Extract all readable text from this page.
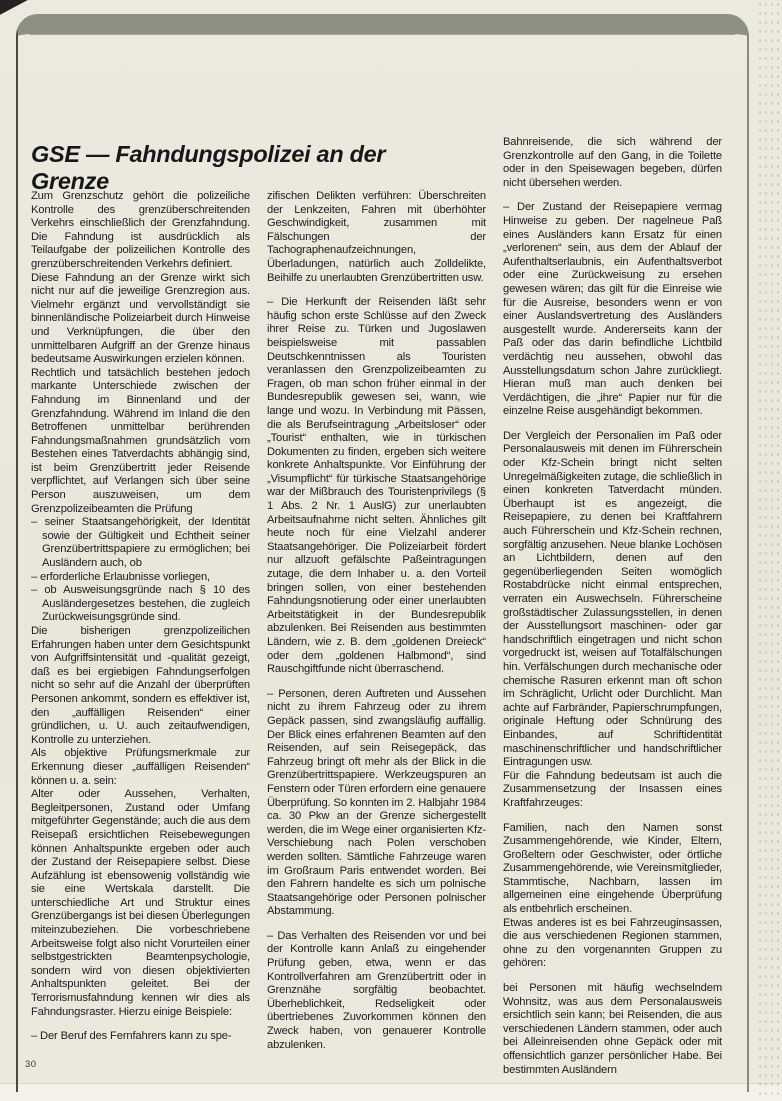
GSE — Fahndungspolizei an der Grenze

Zum Grenzschutz gehört die polizeiliche Kontrolle des grenzüberschreitenden Verkehrs einschließlich der Grenzfahndung. Die Fahndung ist ausdrücklich als Teilaufgabe der polizeilichen Kontrolle des grenzüberschreitenden Verkehrs definiert.

Diese Fahndung an der Grenze wirkt sich nicht nur auf die jeweilige Grenzregion aus. Vielmehr ergänzt und vervollständigt sie binnenländische Polizeiarbeit durch Hinweise und Verknüpfungen, die über den unmittelbaren Aufgriff an der Grenze hinaus bedeutsame Auswirkungen erzielen können.

Rechtlich und tatsächlich bestehen jedoch markante Unterschiede zwischen der Fahndung im Binnenland und der Grenzfahndung. Während im Inland die den Betroffenen unmittelbar berührenden Fahndungsmaßnahmen grundsätzlich vom Bestehen eines Tatverdachts abhängig sind, ist beim Grenzübertritt jeder Reisende verpflichtet, auf Verlangen sich über seine Person auszuweisen, um dem Grenzpolizeibeamten die Prüfung

– seiner Staatsangehörigkeit, der Identität sowie der Gültigkeit und Echtheit seiner Grenzübertrittspapiere zu ermöglichen; bei Ausländern auch, ob

– erforderliche Erlaubnisse vorliegen,

– ob Ausweisungsgründe nach § 10 des Ausländergesetzes bestehen, die zugleich Zurückweisungsgründe sind.

Die bisherigen grenzpolizeilichen Erfahrungen haben unter dem Gesichtspunkt von Aufgriffsintensität und -qualität gezeigt, daß es bei ergiebigen Fahndungserfolgen nicht so sehr auf die Anzahl der überprüften Personen ankommt, sondern es effektiver ist, den „auffälligen Reisenden“ einer gründlichen, u. U. auch zeitaufwendigen, Kontrolle zu unterziehen.

Als objektive Prüfungsmerkmale zur Erkennung dieser „auffälligen Reisenden“ können u. a. sein:

Alter oder Aussehen, Verhalten, Begleitpersonen, Zustand oder Umfang mitgeführter Gegenstände; auch die aus dem Reisepaß ersichtlichen Reisebewegungen können Anhaltspunkte ergeben oder auch der Zustand der Reisepapiere selbst. Diese Aufzählung ist ebensowenig vollständig wie sie eine Wertskala darstellt. Die unterschiedliche Art und Struktur eines Grenzübergangs ist bei diesen Überlegungen miteinzubeziehen. Die vorbeschriebene Arbeitsweise folgt also nicht Vorurteilen einer selbstgestrickten Beamtenpsychologie, sondern wird von diesen objektivierten Anhaltspunkten geleitet. Bei der Terrorismusfahndung kennen wir dies als Fahndungsraster. Hierzu einige Beispiele:

– Der Beruf des Fernfahrers kann zu spe-

zifischen Delikten verführen: Überschreiten der Lenkzeiten, Fahren mit überhöhter Geschwindigkeit, zusammen mit Fälschungen der Tachographenaufzeichnungen, Überladungen, natürlich auch Zolldelikte, Beihilfe zu unerlaubten Grenzübertritten usw.

– Die Herkunft der Reisenden läßt sehr häufig schon erste Schlüsse auf den Zweck ihrer Reise zu. Türken und Jugoslawen beispielsweise mit passablen Deutschkenntnissen als Touristen veranlassen den Grenzpolizeibeamten zu Fragen, ob man schon früher einmal in der Bundesrepublik gewesen sei, wann, wie lange und wozu. In Verbindung mit Pässen, die als Berufseintragung „Arbeitsloser“ oder „Tourist“ enthalten, wie in türkischen Dokumenten zu finden, ergeben sich weitere konkrete Anhaltspunkte. Vor Einführung der „Visumpflicht“ für türkische Staatsangehörige war der Mißbrauch des Touristenprivilegs (§ 1 Abs. 2 Nr. 1 AuslG) zur unerlaubten Arbeitsaufnahme nicht selten. Ähnliches gilt heute noch für eine Vielzahl anderer Staatsangehöriger. Die Polizeiarbeit fördert nur allzuoft gefälschte Paßeintragungen zutage, die dem Inhaber u. a. den Vorteil bringen sollen, von einer bestehenden Fahndungsnotierung oder einer unerlaubten Arbeitstätigkeit in der Bundesrepublik abzulenken. Bei Reisenden aus bestimmten Ländern, wie z. B. dem „goldenen Dreieck“ oder dem „goldenen Halbmond“, sind Rauschgiftfunde nicht überraschend.

– Personen, deren Auftreten und Aussehen nicht zu ihrem Fahrzeug oder zu ihrem Gepäck passen, sind zwangsläufig auffällig. Der Blick eines erfahrenen Beamten auf den Reisenden, auf sein Reisegepäck, das Fahrzeug bringt oft mehr als der Blick in die Grenzübertrittspapiere. Werkzeugspuren an Fenstern oder Türen erfordern eine genauere Überprüfung. So konnten im 2. Halbjahr 1984 ca. 30 Pkw an der Grenze sichergestellt werden, die im Wege einer organisierten Kfz-Verschiebung nach Polen verschoben werden sollten. Sämtliche Fahrzeuge waren im Großraum Paris entwendet worden. Bei den Fahrern handelte es sich um polnische Staatsangehörige oder Personen polnischer Abstammung.

– Das Verhalten des Reisenden vor und bei der Kontrolle kann Anlaß zu eingehender Prüfung geben, etwa, wenn er das Kontrollverfahren am Grenzübertritt oder in Grenznähe sorgfältig beobachtet. Überheblichkeit, Redseligkeit oder übertriebenes Zuvorkommen können den Zweck haben, von genauerer Kontrolle abzulenken.

Bahnreisende, die sich während der Grenzkontrolle auf den Gang, in die Toilette oder in den Speisewagen begeben, dürfen nicht übersehen werden.

– Der Zustand der Reisepapiere vermag Hinweise zu geben. Der nagelneue Paß eines Ausländers kann Ersatz für einen „verlorenen“ sein, aus dem der Ablauf der Aufenthaltserlaubnis, ein Aufenthaltsverbot oder eine Zurückweisung zu ersehen gewesen wären; das gilt für die Einreise wie für die Ausreise, besonders wenn er von einer Auslandsvertretung des Ausländers ausgestellt wurde. Andererseits kann der Paß oder das darin befindliche Lichtbild verdächtig neu aussehen, obwohl das Ausstellungsdatum schon Jahre zurückliegt. Hieran muß man auch denken bei Verdächtigen, die „ihre“ Papier nur für die einzelne Reise ausgehändigt bekommen.

Der Vergleich der Personalien im Paß oder Personalausweis mit denen im Führerschein oder Kfz-Schein bringt nicht selten Unregelmäßigkeiten zutage, die schließlich in einen konkreten Tatverdacht münden. Überhaupt ist es angezeigt, die Reisepapiere, zu denen bei Kraftfahrern auch Führerschein und Kfz-Schein rechnen, sorgfältig anzusehen. Neue blanke Lochösen an Lichtbildern, denen auf den gegenüberliegenden Seiten womöglich Rostabdrücke nicht einmal entsprechen, verraten ein Auswechseln. Führerscheine großstädtischer Zulassungsstellen, in denen der Ausstellungsort maschinen- oder gar handschriftlich eingetragen und nicht schon vorgedruckt ist, weisen auf Totalfälschungen hin. Verfälschungen durch mechanische oder chemische Rasuren erkennt man oft schon im Schräglicht, Urlicht oder Durchlicht. Man achte auf Farbränder, Papierschrumpfungen, originale Heftung oder Schnürung des Einbandes, auf Schriftidentität maschinenschriftlicher und handschriftlicher Eintragungen usw.

Für die Fahndung bedeutsam ist auch die Zusammensetzung der Insassen eines Kraftfahrzeuges:

Familien, nach den Namen sonst Zusammengehörende, wie Kinder, Eltern, Großeltern oder Geschwister, oder örtliche Zusammengehörende, wie Vereinsmitglieder, Stammtische, Nachbarn, lassen im allgemeinen eine eingehende Überprüfung als entbehrlich erscheinen.

Etwas anderes ist es bei Fahrzeuginsassen, die aus verschiedenen Regionen stammen, ohne zu den vorgenannten Gruppen zu gehören:

bei Personen mit häufig wechselndem Wohnsitz, was aus dem Personalausweis ersichtlich sein kann; bei Reisenden, die aus verschiedenen Ländern stammen, oder auch bei Alleinreisenden ohne Gepäck oder mit offensichtlich ganzer persönlicher Habe. Bei bestimmten Ausländern

30
